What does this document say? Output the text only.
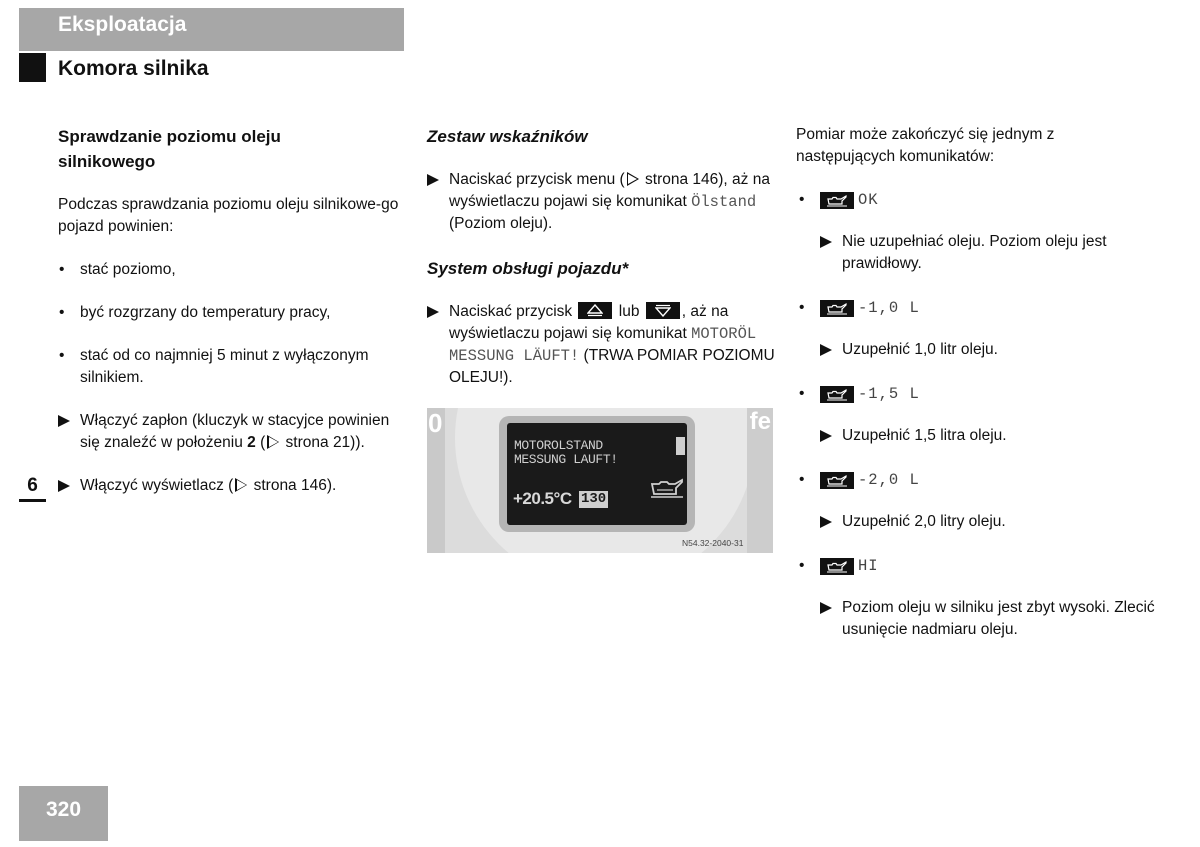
Eksploatacja
Komora silnika
6
Sprawdzanie poziomu oleju silnikowego
Podczas sprawdzania poziomu oleju silnikowe-go pojazd powinien:
• stać poziomo,
• być rozgrzany do temperatury pracy,
• stać od co najmniej 5 minut z wyłączonym silnikiem.
Włączyć zapłon (kluczyk w stacyjce powinien się znaleźć w położeniu 2 ( strona 21)).
Włączyć wyświetlacz ( strona 146).
Zestaw wskaźników
Naciskać przycisk menu ( strona 146), aż na wyświetlaczu pojawi się komunikat Ölstand (Poziom oleju).
System obsługi pojazdu*
Naciskać przycisk
lub
, aż na wyświetlaczu pojawi się komunikat MOTORÖL MESSUNG LÄUFT! (TRWA POMIAR POZIOMU OLEJU!).
0	fe
MOTOROLSTAND
MESSUNG LAUFT!
+20.5°C 130
N54.32-2040-31
Pomiar może zakończyć się jednym z następujących komunikatów:
•	OK
Nie uzupełniać oleju. Poziom oleju jest prawidłowy.
•	-1,0 L
Uzupełnić 1,0 litr oleju.
•	-1,5 L
Uzupełnić 1,5 litra oleju.
•	-2,0 L
Uzupełnić 2,0 litry oleju.
•	HI
Poziom oleju w silniku jest zbyt wysoki. Zlecić usunięcie nadmiaru oleju.
320
